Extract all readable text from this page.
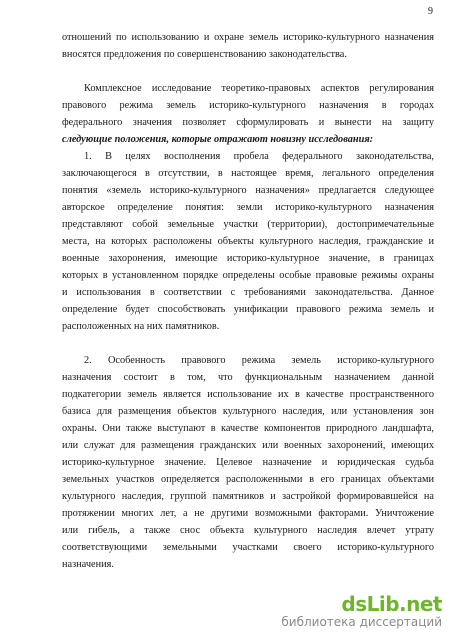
9
отношений по использованию и охране земель историко-культурного назначения
вносятся предложения по совершенствованию законодательства.
Комплексное исследование теоретико-правовых аспектов регулирования
правового режима земель историко-культурного назначения в городах
федерального значения позволяет сформулировать и вынести на защиту
следующие положения, которые отражают новизну исследования:
1. В целях восполнения пробела федерального законодательства,
заключающегося в отсутствии, в настоящее время, легального определения
понятия «земель историко-культурного назначения» предлагается следующее
авторское определение понятия: земли историко-культурного назначения
представляют собой земельные участки (территории), достопримечательные
места, на которых расположены объекты культурного наследия, гражданские и
военные захоронения, имеющие историко-культурное значение, в границах
которых в установленном порядке определены особые правовые режимы охраны
и использования в соответствии с требованиями законодательства. Данное
определение будет способствовать унификации правового режима земель и
расположенных на них памятников.
2. Особенность правового режима земель историко-культурного
назначения состоит в том, что функциональным назначением данной
подкатегории земель является использование их в качестве пространственного
базиса для размещения объектов культурного наследия, или установления зон
охраны. Они также выступают в качестве компонентов природного ландшафта,
или служат для размещения гражданских или военных захоронений, имеющих
историко-культурное значение. Целевое назначение и юридическая судьба
земельных участков определяется расположенными в его границах объектами
культурного наследия, группой памятников и застройкой формировавшейся на
протяжении многих лет, а не другими возможными факторами. Уничтожение
или гибель, а также снос объекта культурного наследия влечет утрату
соответствующими земельными участками своего историко-культурного
назначения.
dsLib.net
библиотека диссертаций
